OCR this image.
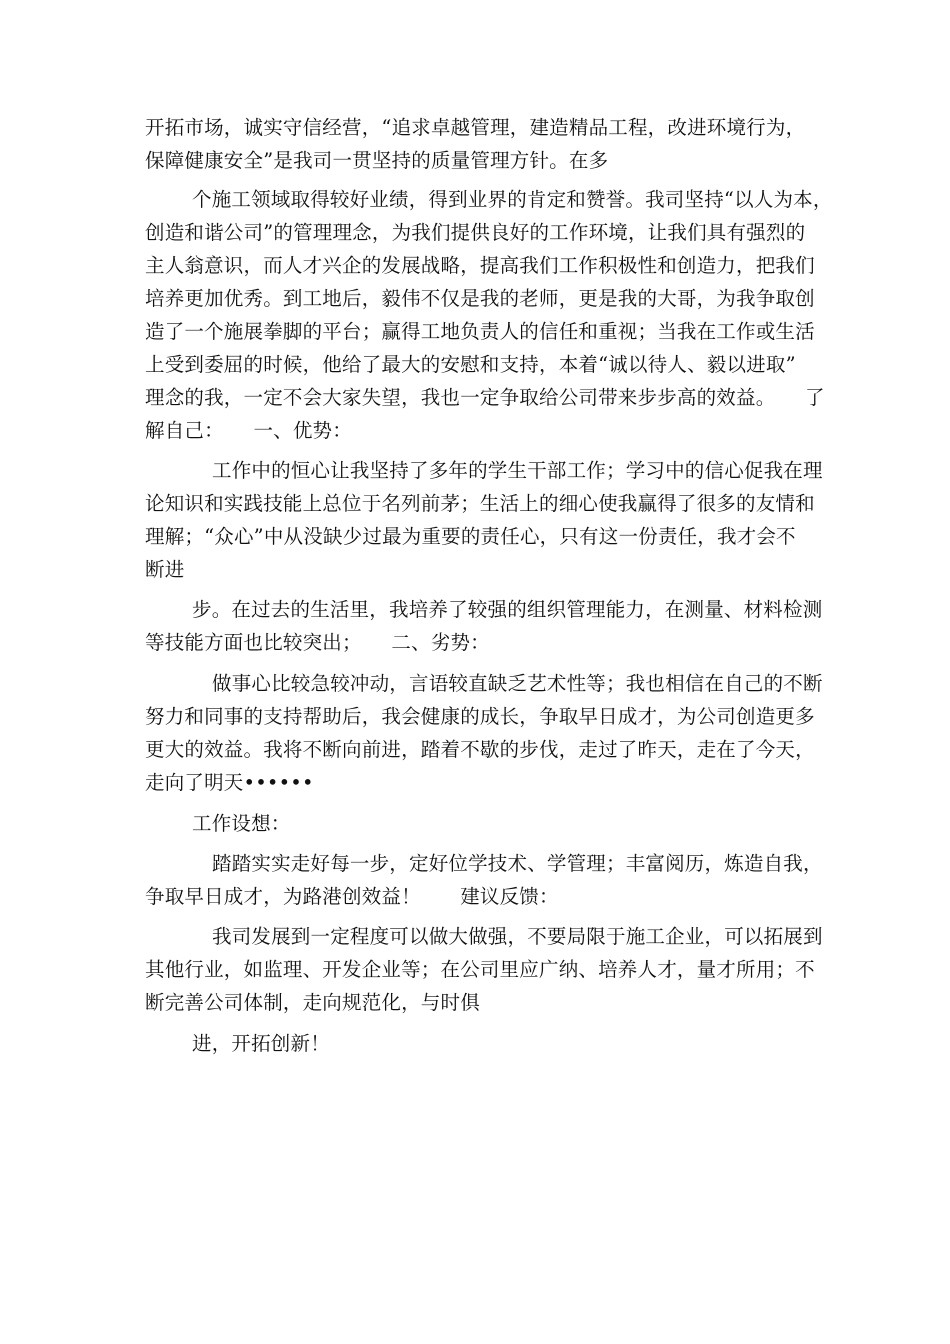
开拓市场，诚实守信经营，“追求卓越管理，建造精品工程，改进环境行为，
保障健康安全”是我司一贯坚持的质量管理方针。在多
个施工领域取得较好业绩，得到业界的肯定和赞誉。我司坚持“以人为本，
创造和谐公司”的管理理念，为我们提供良好的工作环境，让我们具有强烈的
主人翁意识，而人才兴企的发展战略，提高我们工作积极性和创造力，把我们
培养更加优秀。到工地后，毅伟不仅是我的老师，更是我的大哥，为我争取创
造了一个施展拳脚的平台；赢得工地负责人的信任和重视；当我在工作或生活
上受到委屈的时候，他给了最大的安慰和支持，本着“诚以待人、毅以进取”
理念的我，一定不会大家失望，我也一定争取给公司带来步步高的效益。　　了
解自己：　　一、优势：
工作中的恒心让我坚持了多年的学生干部工作；学习中的信心促我在理
论知识和实践技能上总位于名列前茅；生活上的细心使我赢得了很多的友情和
理解；“众心”中从没缺少过最为重要的责任心，只有这一份责任，我才会不
断进
步。在过去的生活里，我培养了较强的组织管理能力，在测量、材料检测
等技能方面也比较突出；　　二、劣势：
做事心比较急较冲动，言语较直缺乏艺术性等；我也相信在自己的不断
努力和同事的支持帮助后，我会健康的成长，争取早日成才，为公司创造更多
更大的效益。我将不断向前进，踏着不歇的步伐，走过了昨天，走在了今天，
走向了明天••••••
工作设想：
踏踏实实走好每一步，定好位学技术、学管理；丰富阅历，炼造自我，
争取早日成才，为路港创效益！　　建议反馈：
我司发展到一定程度可以做大做强，不要局限于施工企业，可以拓展到
其他行业，如监理、开发企业等；在公司里应广纳、培养人才，量才所用；不
断完善公司体制，走向规范化，与时俱
进，开拓创新！
